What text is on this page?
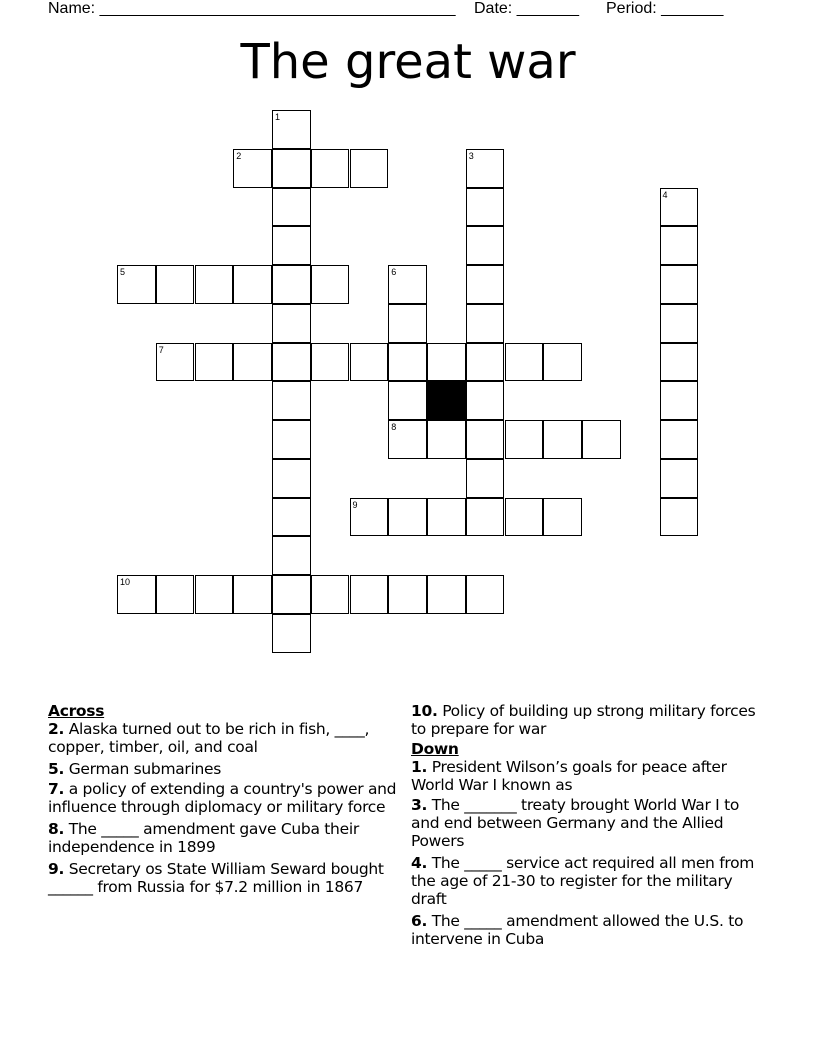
Name: ________________________________________ Date: _______ Period: _______
The great war
1
2	3
4
5	6
8
7
9
10
Across
2. Alaska turned out to be rich in fish, ____, copper, timber, oil, and coal
5. German submarines
7. a policy of extending a country's power and influence through diplomacy or military force
8. The _____ amendment gave Cuba their independence in 1899
9. Secretary os State William Seward bought ______ from Russia for $7.2 million in 1867
10. Policy of building up strong military forces to prepare for war
Down
1. President Wilson’s goals for peace after World War I known as
3. The _______ treaty brought World War I to and end between Germany and the Allied Powers
4. The _____ service act required all men from the age of 21-30 to register for the military draft
6. The _____ amendment allowed the U.S. to intervene in Cuba
